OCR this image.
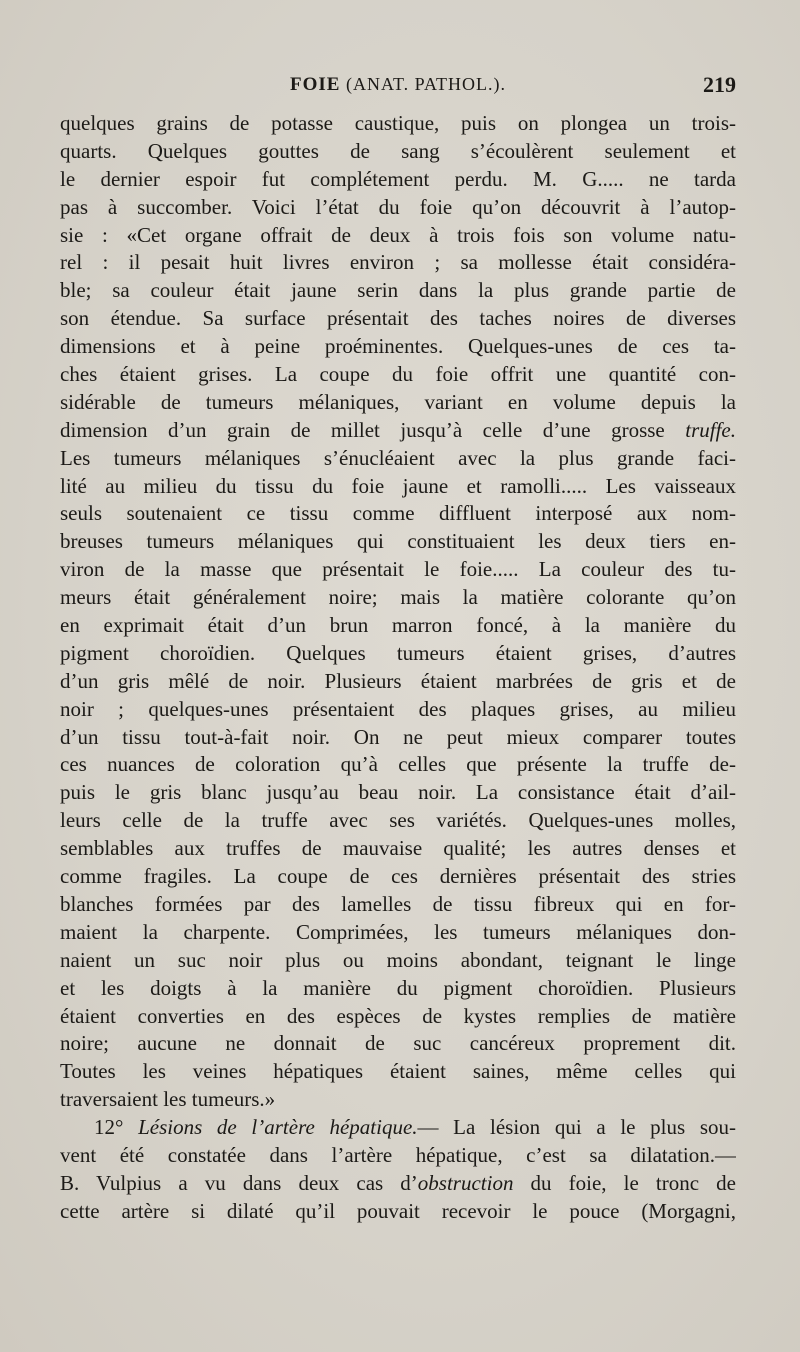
FOIE (ANAT. PATHOL.).	219
quelques grains de potasse caustique, puis on plongea un trois-
quarts. Quelques gouttes de sang s’écoulèrent seulement et
le dernier espoir fut complétement perdu. M. G..... ne tarda
pas à succomber. Voici l’état du foie qu’on découvrit à l’autop-
sie : «Cet organe offrait de deux à trois fois son volume natu-
rel : il pesait huit livres environ ; sa mollesse était considéra-
ble; sa couleur était jaune serin dans la plus grande partie de
son étendue. Sa surface présentait des taches noires de diverses
dimensions et à peine proéminentes. Quelques-unes de ces ta-
ches étaient grises. La coupe du foie offrit une quantité con-
sidérable de tumeurs mélaniques, variant en volume depuis la
dimension d’un grain de millet jusqu’à celle d’une grosse truffe.
Les tumeurs mélaniques s’énucléaient avec la plus grande faci-
lité au milieu du tissu du foie jaune et ramolli..... Les vaisseaux
seuls soutenaient ce tissu comme diffluent interposé aux nom-
breuses tumeurs mélaniques qui constituaient les deux tiers en-
viron de la masse que présentait le foie..... La couleur des tu-
meurs était généralement noire; mais la matière colorante qu’on
en exprimait était d’un brun marron foncé, à la manière du
pigment choroïdien. Quelques tumeurs étaient grises, d’autres
d’un gris mêlé de noir. Plusieurs étaient marbrées de gris et de
noir ; quelques-unes présentaient des plaques grises, au milieu
d’un tissu tout-à-fait noir. On ne peut mieux comparer toutes
ces nuances de coloration qu’à celles que présente la truffe de-
puis le gris blanc jusqu’au beau noir. La consistance était d’ail-
leurs celle de la truffe avec ses variétés. Quelques-unes molles,
semblables aux truffes de mauvaise qualité; les autres denses et
comme fragiles. La coupe de ces dernières présentait des stries
blanches formées par des lamelles de tissu fibreux qui en for-
maient la charpente. Comprimées, les tumeurs mélaniques don-
naient un suc noir plus ou moins abondant, teignant le linge
et les doigts à la manière du pigment choroïdien. Plusieurs
étaient converties en des espèces de kystes remplies de matière
noire; aucune ne donnait de suc cancéreux proprement dit.
Toutes les veines hépatiques étaient saines, même celles qui
traversaient les tumeurs.»
12° Lésions de l’artère hépatique.— La lésion qui a le plus sou-
vent été constatée dans l’artère hépatique, c’est sa dilatation.—
B. Vulpius a vu dans deux cas d’obstruction du foie, le tronc de
cette artère si dilaté qu’il pouvait recevoir le pouce (Morgagni,
